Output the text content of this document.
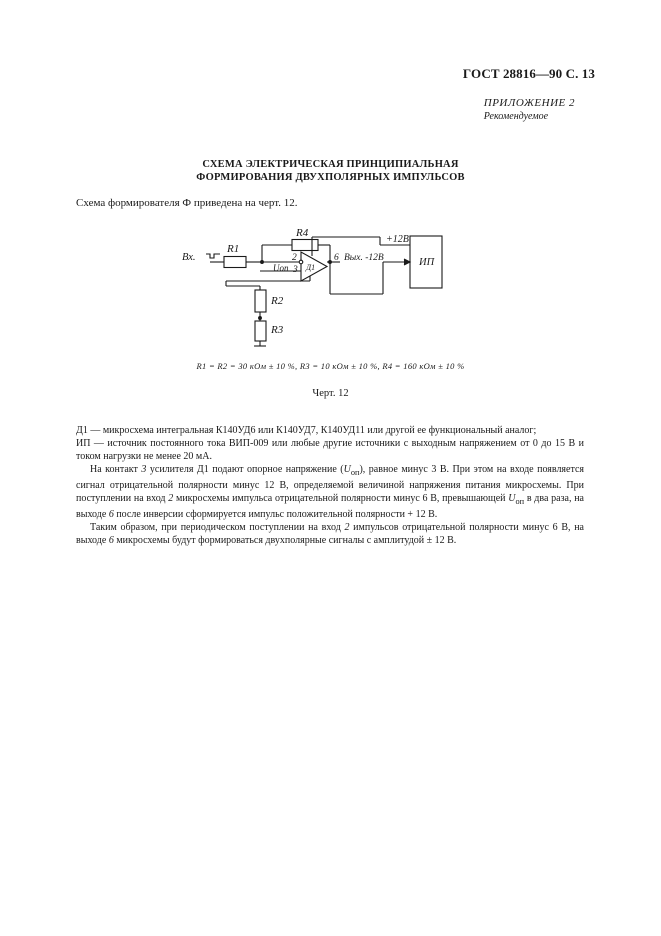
ГОСТ 28816—90 С. 13
ПРИЛОЖЕНИЕ 2
Рекомендуемое
СХЕМА ЭЛЕКТРИЧЕСКАЯ ПРИНЦИПИАЛЬНАЯ
ФОРМИРОВАНИЯ ДВУХПОЛЯРНЫХ ИМПУЛЬСОВ
Схема формирователя Ф приведена на черт. 12.
Вх.
R1
R4
2
3
Uоп Д1
6
+12В
Вых. -12В	ИП
R2
R3
R1 = R2 = 30 кОм ± 10 %, R3 = 10 кОм ± 10 %, R4 = 160 кОм ± 10 %
Черт. 12

Д1 — микросхема интегральная К140УД6 или К140УД7, К140УД11 или другой ее функциональный аналог;

ИП — источник постоянного тока ВИП-009 или любые другие источники с выходным напряжением от 0 до 15 В и током нагрузки не менее 20 мА.

На контакт 3 усилителя Д1 подают опорное напряжение $(U_{оп})$, равное минус 3 В. При этом на входе появляется сигнал отрицательной полярности минус 12 В, определяемой величиной напряжения питания микросхемы. При поступлении на вход 2 микросхемы импульса отрицательной полярности минус 6 В, превышающей $U_{оп}$ в два раза, на выходе 6 после инверсии сформируется импульс положительной полярности + 12 В.

Таким образом, при периодическом поступлении на вход 2 импульсов отрицательной полярности минус 6 В, на выходе 6 микросхемы будут формироваться двухполярные сигналы с амплитудой ± 12 В.
